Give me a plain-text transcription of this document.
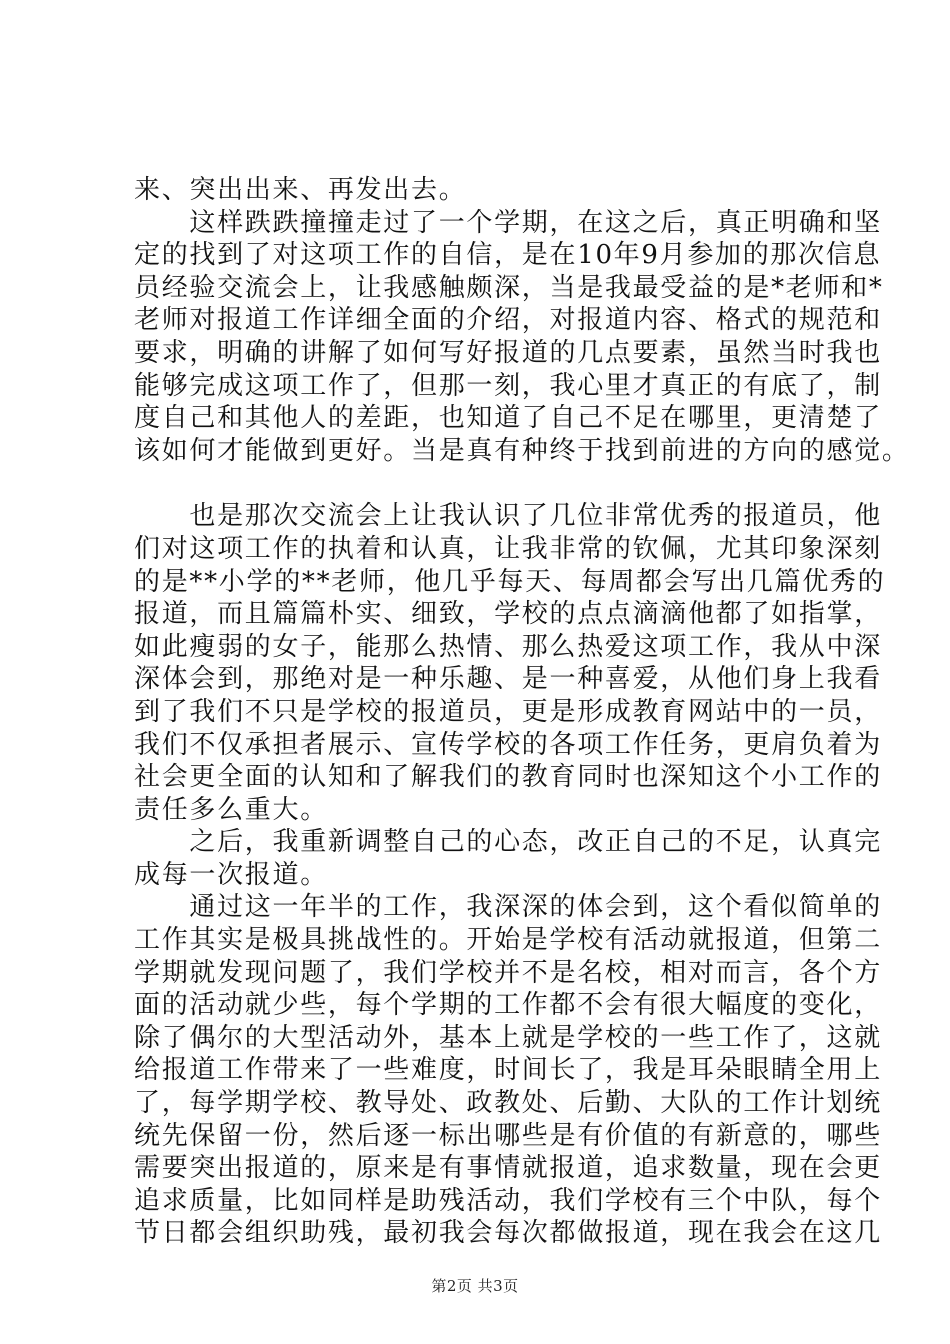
来、突出出来、再发出去。
　　这样跌跌撞撞走过了一个学期，在这之后，真正明确和坚
定的找到了对这项工作的自信，是在10年9月参加的那次信息
员经验交流会上，让我感触颇深，当是我最受益的是*老师和*
老师对报道工作详细全面的介绍，对报道内容、格式的规范和
要求，明确的讲解了如何写好报道的几点要素，虽然当时我也
能够完成这项工作了，但那一刻，我心里才真正的有底了，制
度自己和其他人的差距，也知道了自己不足在哪里，更清楚了
该如何才能做到更好。当是真有种终于找到前进的方向的感觉。
　　也是那次交流会上让我认识了几位非常优秀的报道员，他
们对这项工作的执着和认真，让我非常的钦佩，尤其印象深刻
的是**小学的**老师，他几乎每天、每周都会写出几篇优秀的
报道，而且篇篇朴实、细致，学校的点点滴滴他都了如指掌，
如此瘦弱的女子，能那么热情、那么热爱这项工作，我从中深
深体会到，那绝对是一种乐趣、是一种喜爱，从他们身上我看
到了我们不只是学校的报道员，更是形成教育网站中的一员，
我们不仅承担者展示、宣传学校的各项工作任务，更肩负着为
社会更全面的认知和了解我们的教育同时也深知这个小工作的
责任多么重大。
　　之后，我重新调整自己的心态，改正自己的不足，认真完
成每一次报道。
　　通过这一年半的工作，我深深的体会到，这个看似简单的
工作其实是极具挑战性的。开始是学校有活动就报道，但第二
学期就发现问题了，我们学校并不是名校，相对而言，各个方
面的活动就少些，每个学期的工作都不会有很大幅度的变化，
除了偶尔的大型活动外，基本上就是学校的一些工作了，这就
给报道工作带来了一些难度，时间长了，我是耳朵眼睛全用上
了，每学期学校、教导处、政教处、后勤、大队的工作计划统
统先保留一份，然后逐一标出哪些是有价值的有新意的，哪些
需要突出报道的，原来是有事情就报道，追求数量，现在会更
追求质量，比如同样是助残活动，我们学校有三个中队，每个
节日都会组织助残，最初我会每次都做报道，现在我会在这几
第2页 共3页
